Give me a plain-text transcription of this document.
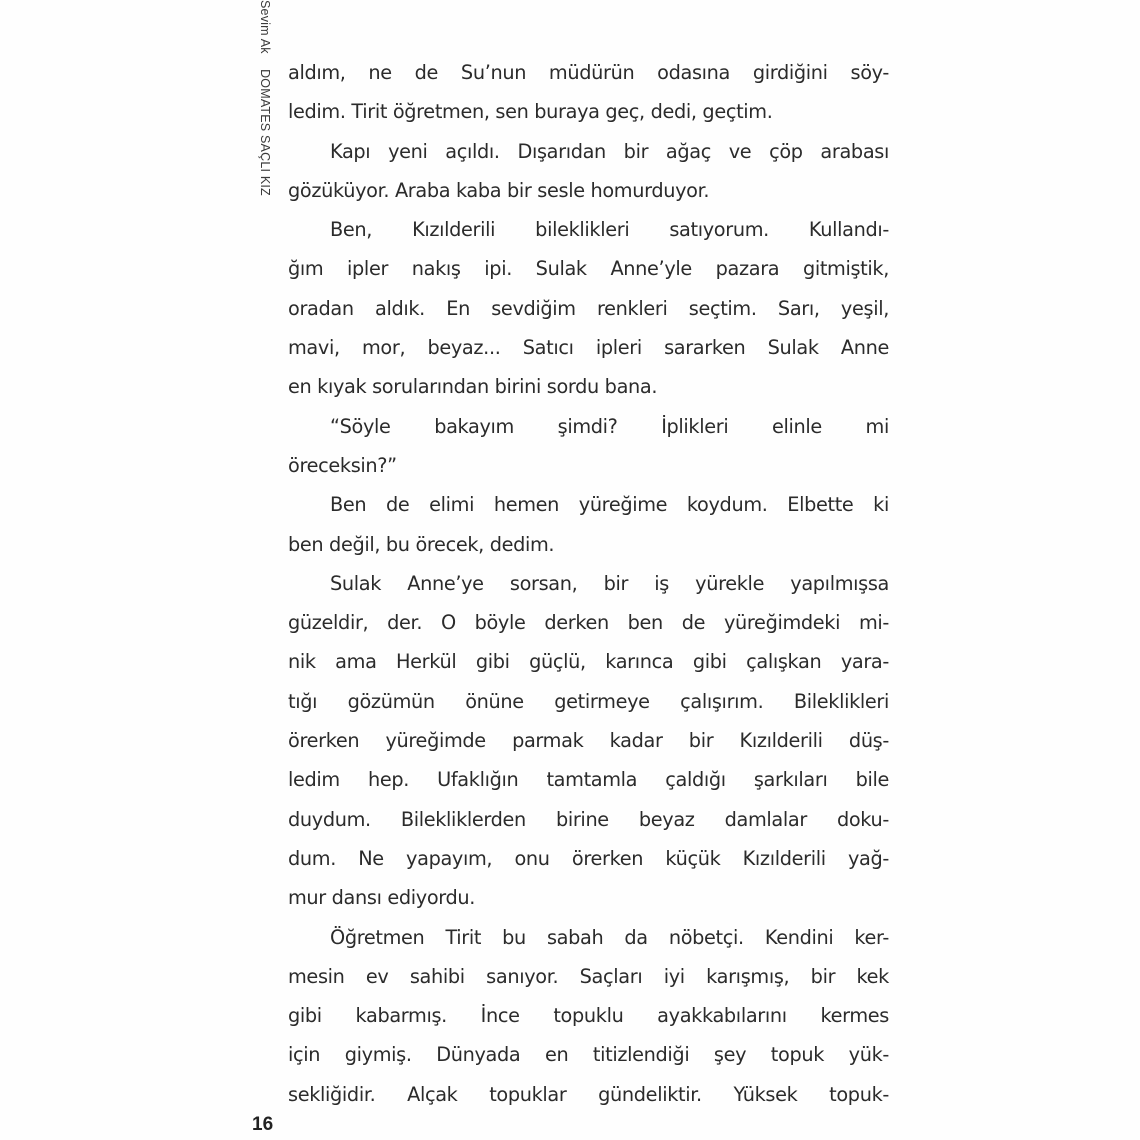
Sevim Ak  DOMATES SAÇLI KIZ aldım, ne de Su’nun müdürün odasına girdiğini söy-
ledim. Tirit öğretmen, sen buraya geç, dedi, geçtim.
Kapı yeni açıldı. Dışarıdan bir ağaç ve çöp arabası
gözüküyor. Araba kaba bir sesle homurduyor.
Ben, Kızılderili bileklikleri satıyorum. Kullandı-
ğım ipler nakış ipi. Sulak Anne’yle pazara gitmiştik,
oradan aldık. En sevdiğim renkleri seçtim. Sarı, yeşil,
mavi, mor, beyaz... Satıcı ipleri sararken Sulak Anne
en kıyak sorularından birini sordu bana.
“Söyle bakayım şimdi? İplikleri elinle mi
öreceksin?”
Ben de elimi hemen yüreğime koydum. Elbette ki
ben değil, bu örecek, dedim.
Sulak Anne’ye sorsan, bir iş yürekle yapılmışsa
güzeldir, der. O böyle derken ben de yüreğimdeki mi-
nik ama Herkül gibi güçlü, karınca gibi çalışkan yara-
tığı gözümün önüne getirmeye çalışırım. Bileklikleri
örerken yüreğimde parmak kadar bir Kızılderili düş-
ledim hep. Ufaklığın tamtamla çaldığı şarkıları bile
duydum. Bilekliklerden birine beyaz damlalar doku-
dum. Ne yapayım, onu örerken küçük Kızılderili yağ-
mur dansı ediyordu.
Öğretmen Tirit bu sabah da nöbetçi. Kendini ker-
mesin ev sahibi sanıyor. Saçları iyi karışmış, bir kek
gibi kabarmış. İnce topuklu ayakkabılarını kermes
için giymiş. Dünyada en titizlendiği şey topuk yük-
sekliğidir. Alçak topuklar gündeliktir. Yüksek topuk-
16
